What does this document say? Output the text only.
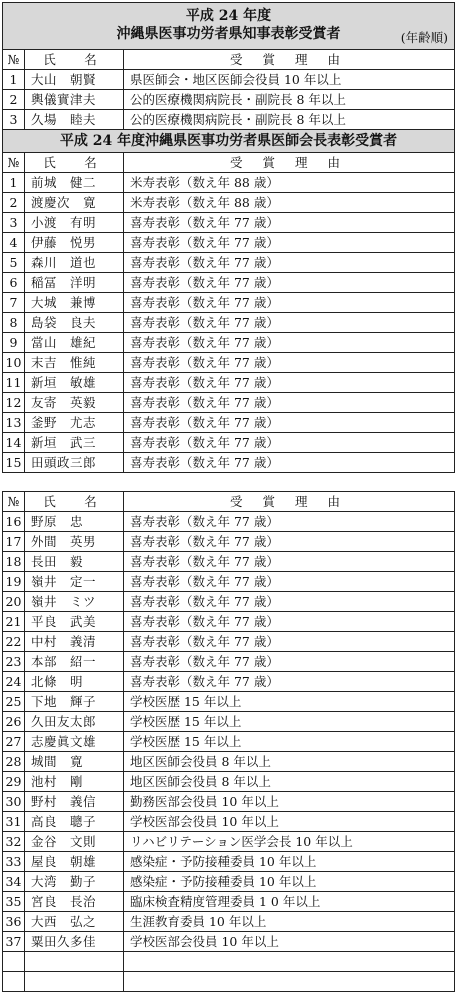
平成 24 年度
沖縄県医事功労者県知事表彰受賞者 (年齢順)		

№	氏　名	受 賞 理 由
1	大山　朝賢	県医師会・地区医師会役員 10 年以上
2	輿儀實津夫	公的医療機関病院長・副院長 8 年以上
3	久場　睦夫	公的医療機関病院長・副院長 8 年以上
平成 24 年度沖縄県医事功労者県医師会長表彰受賞者		
№	氏　名	受 賞 理 由
1	前城　健二	米寿表彰（数え年 88 歳）
2	渡慶次　寛	米寿表彰（数え年 88 歳）
3	小渡　有明	喜寿表彰（数え年 77 歳）
4	伊藤　悦男	喜寿表彰（数え年 77 歳）
5	森川　道也	喜寿表彰（数え年 77 歳）
6	稲冨　洋明	喜寿表彰（数え年 77 歳）
7	大城　兼博	喜寿表彰（数え年 77 歳）
8	島袋　良夫	喜寿表彰（数え年 77 歳）
9	當山　雄紀	喜寿表彰（数え年 77 歳）
10	末吉　惟純	喜寿表彰（数え年 77 歳）
11	新垣　敏雄	喜寿表彰（数え年 77 歳）
12	友寄　英毅	喜寿表彰（数え年 77 歳）
13	釜野　尤志	喜寿表彰（数え年 77 歳）
14	新垣　武三	喜寿表彰（数え年 77 歳）
15	田頭政三郎	喜寿表彰（数え年 77 歳）

№	氏　名	受 賞 理 由
16	野原　忠	喜寿表彰（数え年 77 歳）
17	外間　英男	喜寿表彰（数え年 77 歳）
18	長田　毅	喜寿表彰（数え年 77 歳）
19	嶺井　定一	喜寿表彰（数え年 77 歳）
20	嶺井　ミツ	喜寿表彰（数え年 77 歳）
21	平良　武美	喜寿表彰（数え年 77 歳）
22	中村　義清	喜寿表彰（数え年 77 歳）
23	本部　紹一	喜寿表彰（数え年 77 歳）
24	北條　明	喜寿表彰（数え年 77 歳）
25	下地　輝子	学校医歴 15 年以上
26	久田友太郎	学校医歴 15 年以上
27	志慶眞文雄	学校医歴 15 年以上
28	城間　寛	地区医師会役員 8 年以上
29	池村　剛	地区医師会役員 8 年以上
30	野村　義信	勤務医部会役員 10 年以上
31	高良　聰子	学校医部会役員 10 年以上
32	金谷　文則	リハビリテーション医学会長 10 年以上
33	屋良　朝雄	感染症・予防接種委員 10 年以上
34	大湾　勤子	感染症・予防接種委員 10 年以上
35	宮良　長治	臨床検査精度管理委員 1 0 年以上
36	大西　弘之	生涯教育委員 10 年以上
37	粟田久多佳	学校医部会役員 10 年以上
